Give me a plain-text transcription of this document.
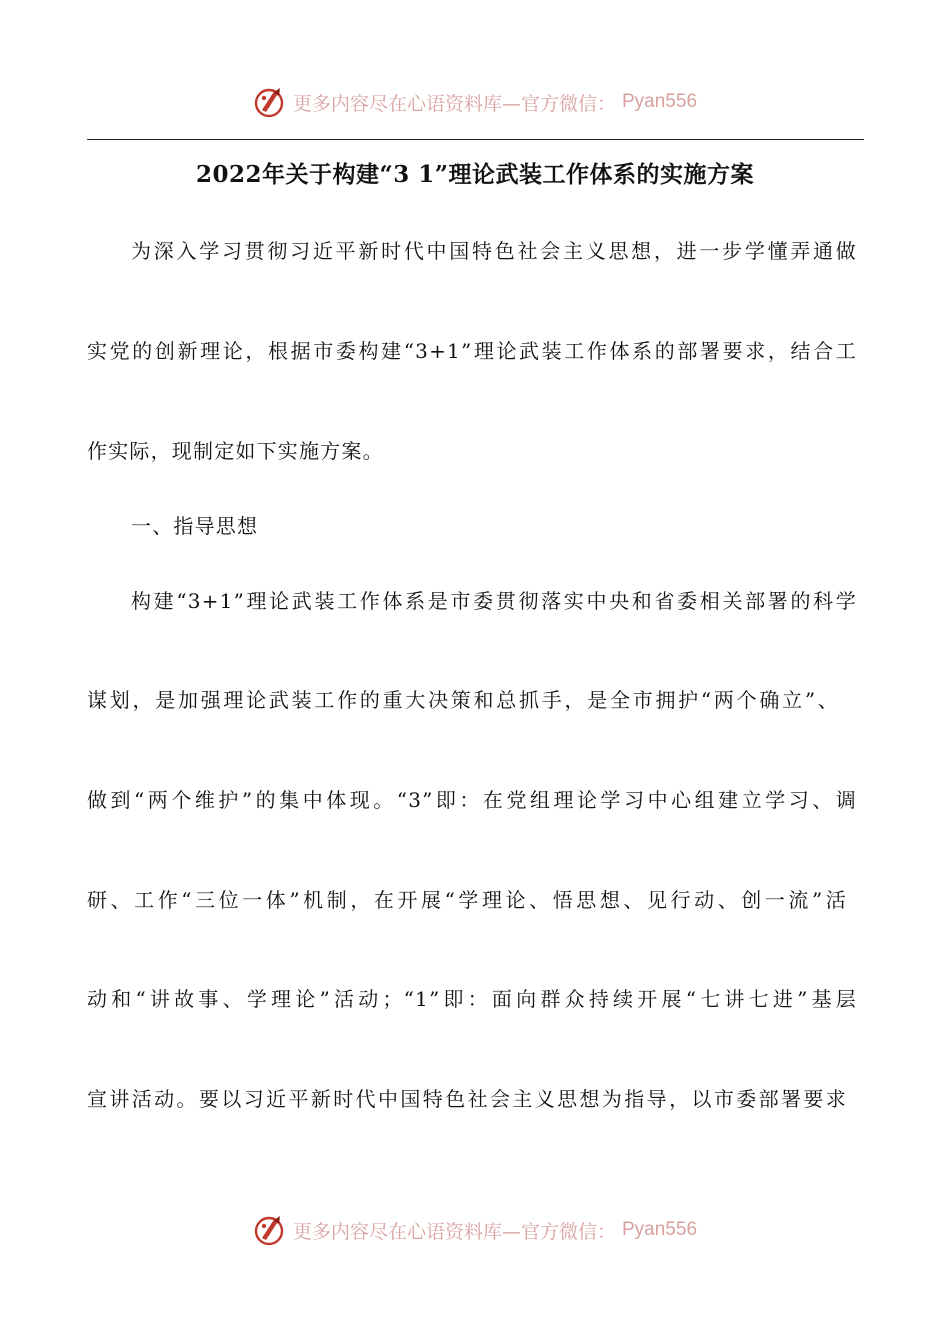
更多内容尽在心语资料库—官方微信： Pyan556
2022年关于构建“3 1”理论武装工作体系的实施方案
为深入学习贯彻习近平新时代中国特色社会主义思想，进一步学懂弄通做
实党的创新理论，根据市委构建“3+1”理论武装工作体系的部署要求，结合工
作实际，现制定如下实施方案。
一、指导思想
构建“3+1”理论武装工作体系是市委贯彻落实中央和省委相关部署的科学
谋划，是加强理论武装工作的重大决策和总抓手，是全市拥护“两个确立”、
做到“两个维护”的集中体现。“3”即：在党组理论学习中心组建立学习、调
研、工作“三位一体”机制，在开展“学理论、悟思想、见行动、创一流”活
动和“讲故事、学理论”活动；“1”即：面向群众持续开展“七讲七进”基层
宣讲活动。要以习近平新时代中国特色社会主义思想为指导，以市委部署要求
更多内容尽在心语资料库—官方微信： Pyan556
